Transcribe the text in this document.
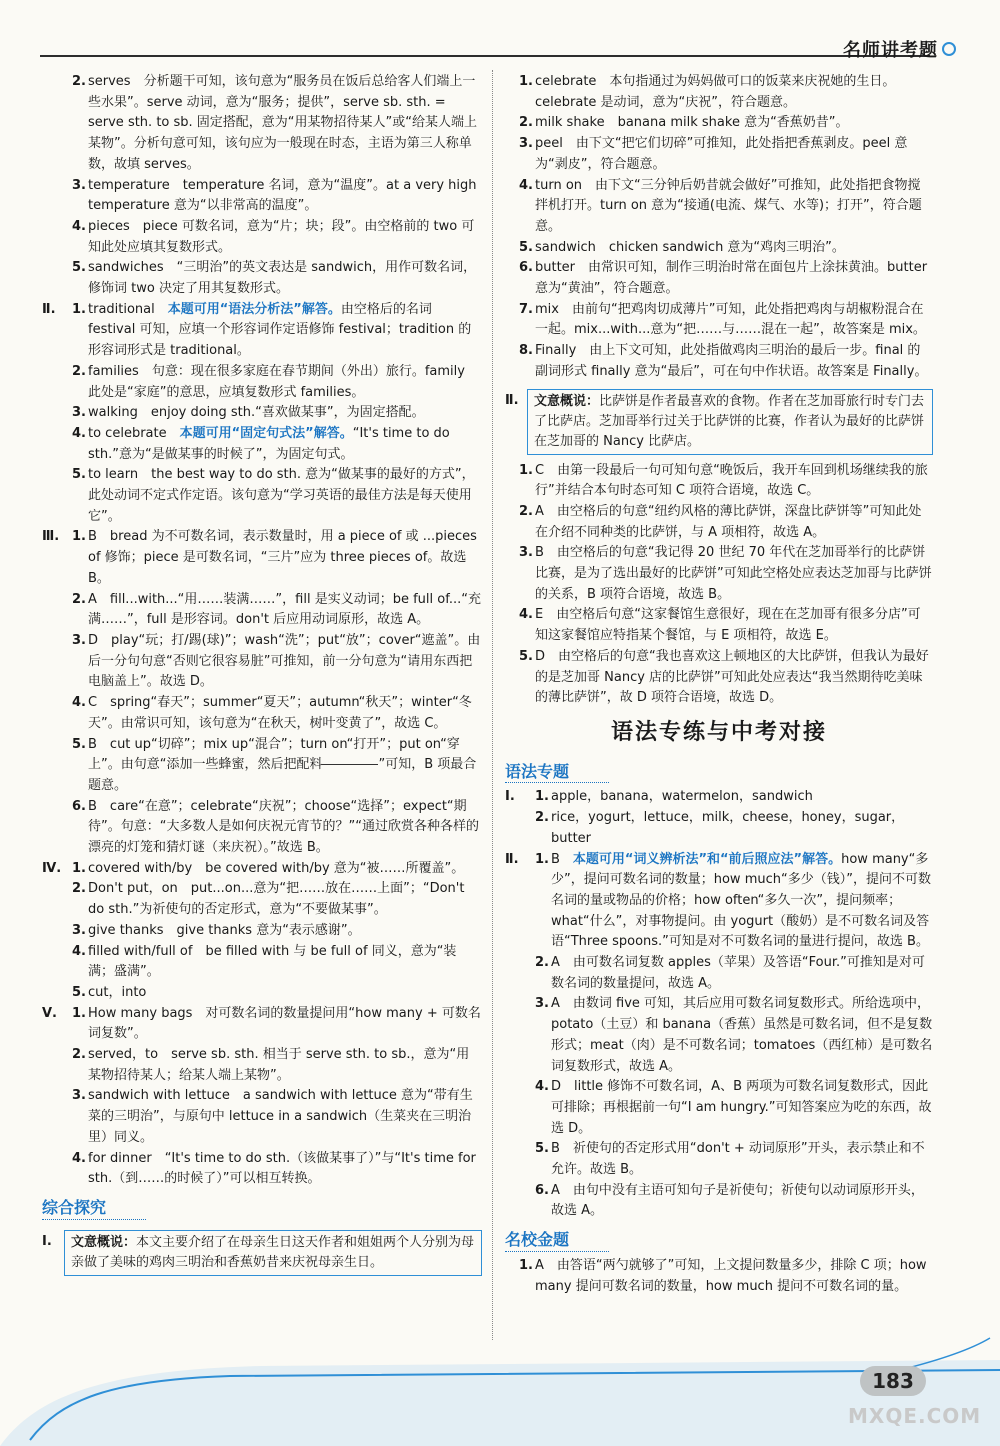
名师讲考题
2. serves　分析题干可知，该句意为“服务员在饭后总给客人们端上一些水果”。serve 动词，意为“服务；提供”，serve sb. sth. = serve sth. to sb. 固定搭配，意为“用某物招待某人”或“给某人端上某物”。分析句意可知，该句应为一般现在时态，主语为第三人称单数，故填 serves。
3. temperature　temperature 名词，意为“温度”。at a very high temperature 意为“以非常高的温度”。
4. pieces　piece 可数名词，意为“片；块；段”。由空格前的 two 可知此处应填其复数形式。
5. sandwiches　“三明治”的英文表达是 sandwich，用作可数名词，修饰词 two 决定了用其复数形式。
Ⅱ. 1. traditional　本题可用“语法分析法”解答。由空格后的名词 festival 可知，应填一个形容词作定语修饰 festival；tradition 的形容词形式是 traditional。
2. families　句意：现在很多家庭在春节期间（外出）旅行。family 此处是“家庭”的意思，应填复数形式 families。
3. walking　enjoy doing sth.“喜欢做某事”，为固定搭配。
4. to celebrate　本题可用“固定句式法”解答。“It's time to do sth.”意为“是做某事的时候了”，为固定句式。
5. to learn　the best way to do sth. 意为“做某事的最好的方式”，此处动词不定式作定语。该句意为“学习英语的最佳方法是每天使用它”。
Ⅲ. 1. B　bread 为不可数名词，表示数量时，用 a piece of 或 ...pieces of 修饰；piece 是可数名词，“三片”应为 three pieces of。故选 B。
2. A　fill...with...“用……装满……”，fill 是实义动词；be full of...“充满……”，full 是形容词。don't 后应用动词原形，故选 A。
3. D　play“玩；打/踢(球)”；wash“洗”；put“放”；cover“遮盖”。由后一分句句意“否则它很容易脏”可推知，前一分句意为“请用东西把电脑盖上”。故选 D。
4. C　spring“春天”；summer“夏天”；autumn“秋天”；winter“冬天”。由常识可知，该句意为“在秋天，树叶变黄了”，故选 C。
5. B　cut up“切碎”；mix up“混合”；turn on“打开”；put on“穿上”。由句意“添加一些蜂蜜，然后把配料	”可知，B 项最合题意。
6. B　care“在意”；celebrate“庆祝”；choose“选择”；expect“期待”。句意：“大多数人是如何庆祝元宵节的？”“通过欣赏各种各样的漂亮的灯笼和猜灯谜（来庆祝）。”故选 B。
Ⅳ. 1. covered with/by　be covered with/by 意为“被……所覆盖”。
2. Don't put，on　put...on...意为“把……放在……上面”；“Don't do sth.”为祈使句的否定形式，意为“不要做某事”。
3. give thanks　give thanks 意为“表示感谢”。
4. filled with/full of　be filled with 与 be full of 同义，意为“装满；盛满”。
5. cut，into
Ⅴ. 1. How many bags　对可数名词的数量提问用“how many + 可数名词复数”。
2. served，to　serve sb. sth. 相当于 serve sth. to sb.，意为“用某物招待某人；给某人端上某物”。
3. sandwich with lettuce　a sandwich with lettuce 意为“带有生菜的三明治”，与原句中 lettuce in a sandwich（生菜夹在三明治里）同义。
4. for dinner　“It's time to do sth.（该做某事了）”与“It's time for sth.（到……的时候了）”可以相互转换。
综合探究
Ⅰ.	文意概说：本文主要介绍了在母亲生日这天作者和姐姐两个人分别为母亲做了美味的鸡肉三明治和香蕉奶昔来庆祝母亲生日。
1. celebrate　本句指通过为妈妈做可口的饭菜来庆祝她的生日。celebrate 是动词，意为“庆祝”，符合题意。
2. milk shake　banana milk shake 意为“香蕉奶昔”。
3. peel　由下文“把它们切碎”可推知，此处指把香蕉剥皮。peel 意为“剥皮”，符合题意。
4. turn on　由下文“三分钟后奶昔就会做好”可推知，此处指把食物搅拌机打开。turn on 意为“接通(电流、煤气、水等)；打开”，符合题意。
5. sandwich　chicken sandwich 意为“鸡肉三明治”。
6. butter　由常识可知，制作三明治时常在面包片上涂抹黄油。butter 意为“黄油”，符合题意。
7. mix　由前句“把鸡肉切成薄片”可知，此处指把鸡肉与胡椒粉混合在一起。mix...with...意为“把……与……混在一起”，故答案是 mix。
8. Finally　由上下文可知，此处指做鸡肉三明治的最后一步。final 的副词形式 finally 意为“最后”，可在句中作状语。故答案是 Finally。
Ⅱ.	文意概说：比萨饼是作者最喜欢的食物。作者在芝加哥旅行时专门去了比萨店。芝加哥举行过关于比萨饼的比赛，作者认为最好的比萨饼在芝加哥的 Nancy 比萨店。
1. C　由第一段最后一句可知句意“晚饭后，我开车回到机场继续我的旅行”并结合本句时态可知 C 项符合语境，故选 C。
2. A　由空格后的句意“纽约风格的薄比萨饼，深盘比萨饼等”可知此处在介绍不同种类的比萨饼，与 A 项相符，故选 A。
3. B　由空格后的句意“我记得 20 世纪 70 年代在芝加哥举行的比萨饼比赛，是为了选出最好的比萨饼”可知此空格处应表达芝加哥与比萨饼的关系，B 项符合语境，故选 B。
4. E　由空格后句意“这家餐馆生意很好，现在在芝加哥有很多分店”可知这家餐馆应特指某个餐馆，与 E 项相符，故选 E。
5. D　由空格后的句意“我也喜欢这上顿地区的大比萨饼，但我认为最好的是芝加哥 Nancy 店的比萨饼”可知此处应表达“我当然期待吃美味的薄比萨饼”，故 D 项符合语境，故选 D。
语法专练与中考对接
语法专题
Ⅰ. 1. apple，banana，watermelon，sandwich
2. rice，yogurt，lettuce，milk，cheese，honey，sugar，butter
Ⅱ. 1. B　本题可用“词义辨析法”和“前后照应法”解答。how many“多少”，提问可数名词的数量；how much“多少（钱）”，提问不可数名词的量或物品的价格；how often“多久一次”，提问频率；what“什么”，对事物提问。由 yogurt（酸奶）是不可数名词及答语“Three spoons.”可知是对不可数名词的量进行提问，故选 B。
2. A　由可数名词复数 apples（苹果）及答语“Four.”可推知是对可数名词的数量提问，故选 A。
3. A　由数词 five 可知，其后应用可数名词复数形式。所给选项中，potato（土豆）和 banana（香蕉）虽然是可数名词，但不是复数形式；meat（肉）是不可数名词；tomatoes（西红柿）是可数名词复数形式，故选 A。
4. D　little 修饰不可数名词，A、B 两项为可数名词复数形式，因此可排除；再根据前一句“I am hungry.”可知答案应为吃的东西，故选 D。
5. B　祈使句的否定形式用“don't + 动词原形”开头，表示禁止和不允许。故选 B。
6. A　由句中没有主语可知句子是祈使句；祈使句以动词原形开头，故选 A。
名校金题
1. A　由答语“两勺就够了”可知，上文提问数量多少，排除 C 项；how many 提问可数名词的数量，how much 提问不可数名词的量。
183
MXQE.COM
